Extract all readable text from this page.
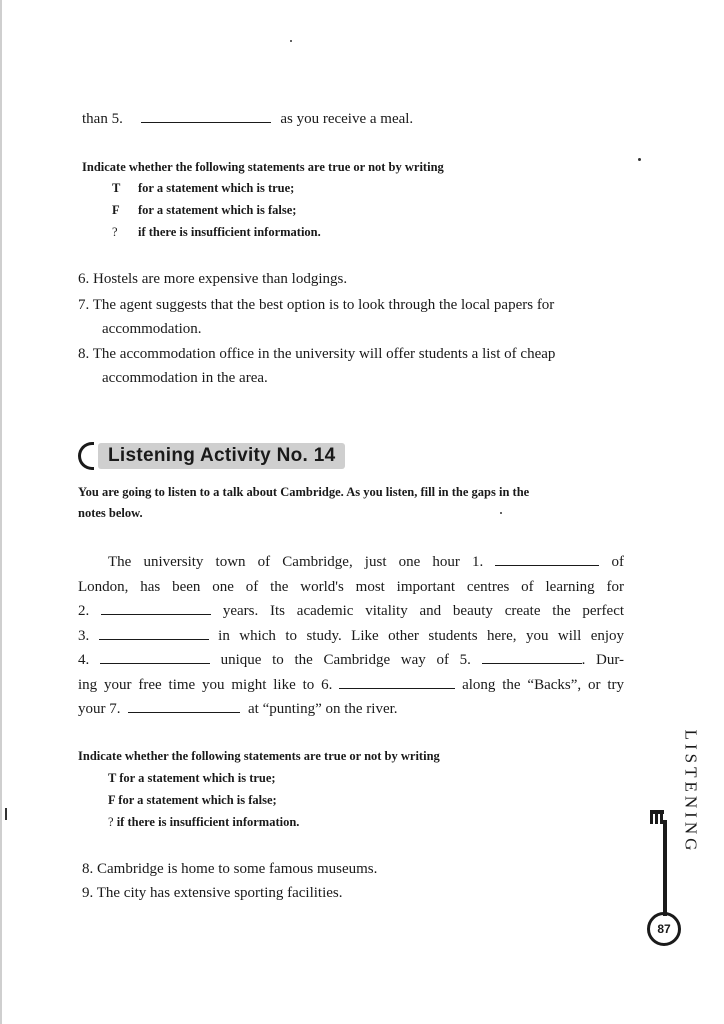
than 5.	as you receive a meal.
Indicate whether the following statements are true or not by writing
T for a statement which is true;
F for a statement which is false;
? if there is insufficient information.
6. Hostels are more expensive than lodgings.
7. The agent suggests that the best option is to look through the local papers for
accommodation.
8. The accommodation office in the university will offer students a list of cheap
accommodation in the area.
Listening Activity No. 14
You are going to listen to a talk about Cambridge. As you listen, fill in the gaps in the
notes below.
The university town of Cambridge, just one hour 1.	of
London, has been one of the world's most important centres of learning for
2.	years. Its academic vitality and beauty create the perfect
3.	in which to study. Like other students here, you will enjoy
4.	unique to the Cambridge way of 5.	. Dur-
ing your free time you might like to 6.	along the “Backs”, or try
your 7.	at “punting” on the river.
Indicate whether the following statements are true or not by writing
T for a statement which is true;
F for a statement which is false;
? if there is insufficient information.
8. Cambridge is home to some famous museums.
9. The city has extensive sporting facilities.
LISTENING
87
